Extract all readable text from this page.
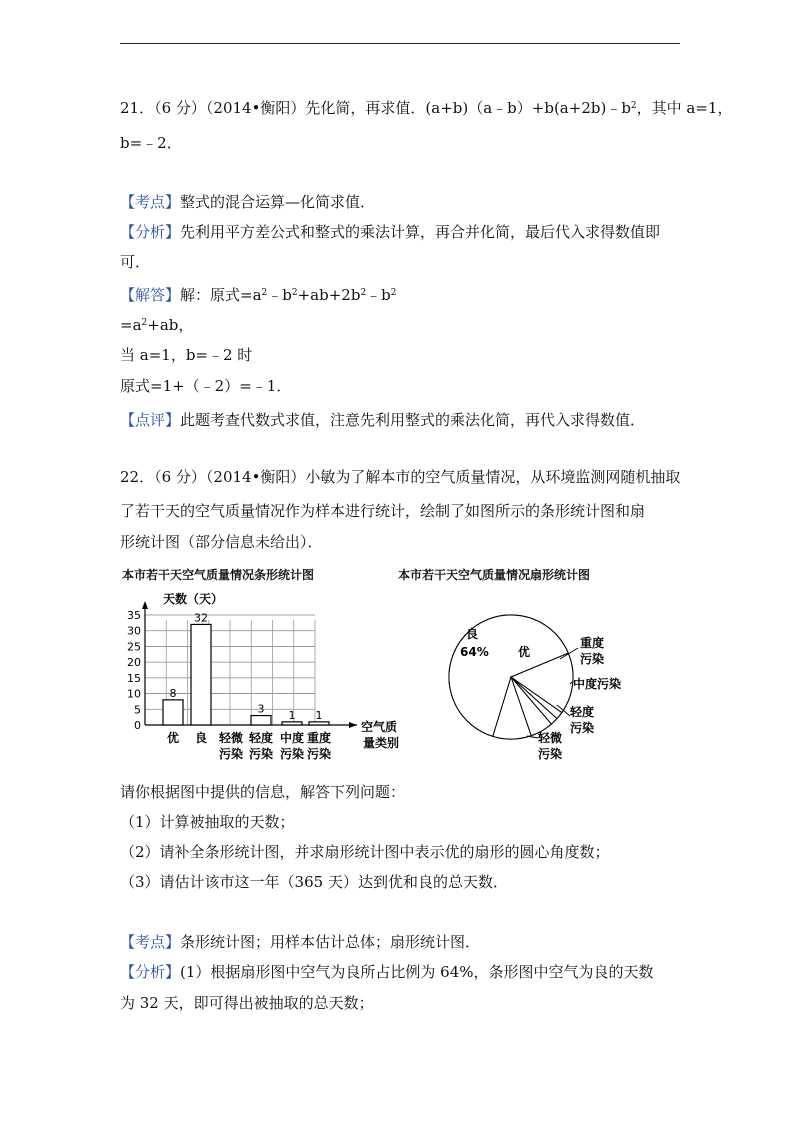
21．（6 分）（2014•衡阳）先化简，再求值．$(a+b)(a﹣b)+b(a+2b)﹣b^2$，其中 a=1，
b=﹣2．
【考点】整式的混合运算—化简求值．
【分析】先利用平方差公式和整式的乘法计算，再合并化简，最后代入求得数值即
可．
【解答】解：原式$=a^2﹣b^2+ab+2b^2﹣b^2$
$=a^2+ab$，
当 a=1，b=﹣2 时
原式=1+（﹣2）=﹣1．
【点评】此题考查代数式求值，注意先利用整式的乘法化简，再代入求得数值．
22．（6 分）（2014•衡阳）小敏为了解本市的空气质量情况，从环境监测网随机抽取
了若干天的空气质量情况作为样本进行统计，绘制了如图所示的条形统计图和扇
形统计图（部分信息未给出）．
本市若干天空气质量情况条形统计图	本市若干天空气质量情况扇形统计图
0
5
10
15
20
25
30
35
天数（天）
空气质
量类别
8
优
32
良 轻微
污染
3
轻度
污染
1
中度
污染
1
重度
污染
良
64% 优
重度
污染
中度污染
轻度
污染
轻微
污染
请你根据图中提供的信息，解答下列问题：
（1）计算被抽取的天数；
（2）请补全条形统计图，并求扇形统计图中表示优的扇形的圆心角度数；
（3）请估计该市这一年（365 天）达到优和良的总天数．
【考点】条形统计图；用样本估计总体；扇形统计图．
【分析】(1）根据扇形图中空气为良所占比例为 64%，条形图中空气为良的天数
为 32 天，即可得出被抽取的总天数；
